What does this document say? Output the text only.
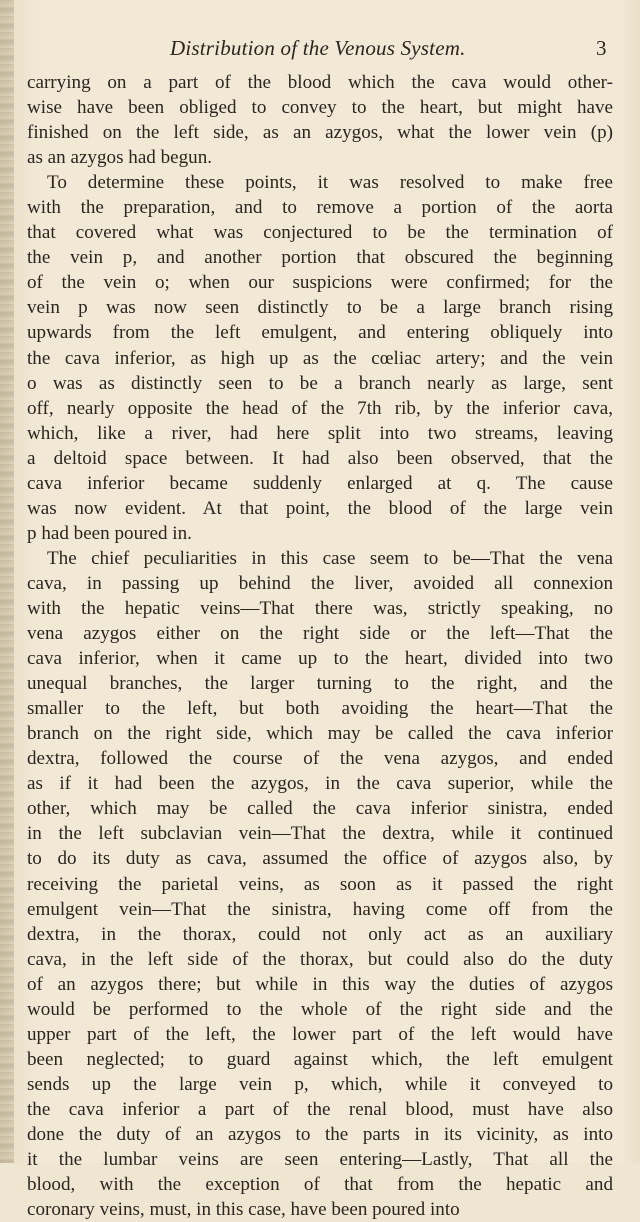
Distribution of the Venous System.	3
carrying on a part of the blood which the cava would other-
wise have been obliged to convey to the heart, but might have
finished on the left side, as an azygos, what the lower vein (p)
as an azygos had begun.
To determine these points, it was resolved to make free
with the preparation, and to remove a portion of the aorta
that covered what was conjectured to be the termination of
the vein p, and another portion that obscured the beginning
of the vein o; when our suspicions were confirmed; for the
vein p was now seen distinctly to be a large branch rising
upwards from the left emulgent, and entering obliquely into
the cava inferior, as high up as the cœliac artery; and the vein
o was as distinctly seen to be a branch nearly as large, sent
off, nearly opposite the head of the 7th rib, by the inferior cava,
which, like a river, had here split into two streams, leaving
a deltoid space between. It had also been observed, that the
cava inferior became suddenly enlarged at q. The cause
was now evident. At that point, the blood of the large vein
p had been poured in.
The chief peculiarities in this case seem to be—That the vena
cava, in passing up behind the liver, avoided all connexion
with the hepatic veins—That there was, strictly speaking, no
vena azygos either on the right side or the left—That the
cava inferior, when it came up to the heart, divided into two
unequal branches, the larger turning to the right, and the
smaller to the left, but both avoiding the heart—That the
branch on the right side, which may be called the cava inferior
dextra, followed the course of the vena azygos, and ended
as if it had been the azygos, in the cava superior, while the
other, which may be called the cava inferior sinistra, ended
in the left subclavian vein—That the dextra, while it continued
to do its duty as cava, assumed the office of azygos also, by
receiving the parietal veins, as soon as it passed the right
emulgent vein—That the sinistra, having come off from the
dextra, in the thorax, could not only act as an auxiliary
cava, in the left side of the thorax, but could also do the duty
of an azygos there; but while in this way the duties of azygos
would be performed to the whole of the right side and the
upper part of the left, the lower part of the left would have
been neglected; to guard against which, the left emulgent
sends up the large vein p, which, while it conveyed to
the cava inferior a part of the renal blood, must have also
done the duty of an azygos to the parts in its vicinity, as into
it the lumbar veins are seen entering—Lastly, That all the
blood, with the exception of that from the hepatic and
coronary veins, must, in this case, have been poured into
